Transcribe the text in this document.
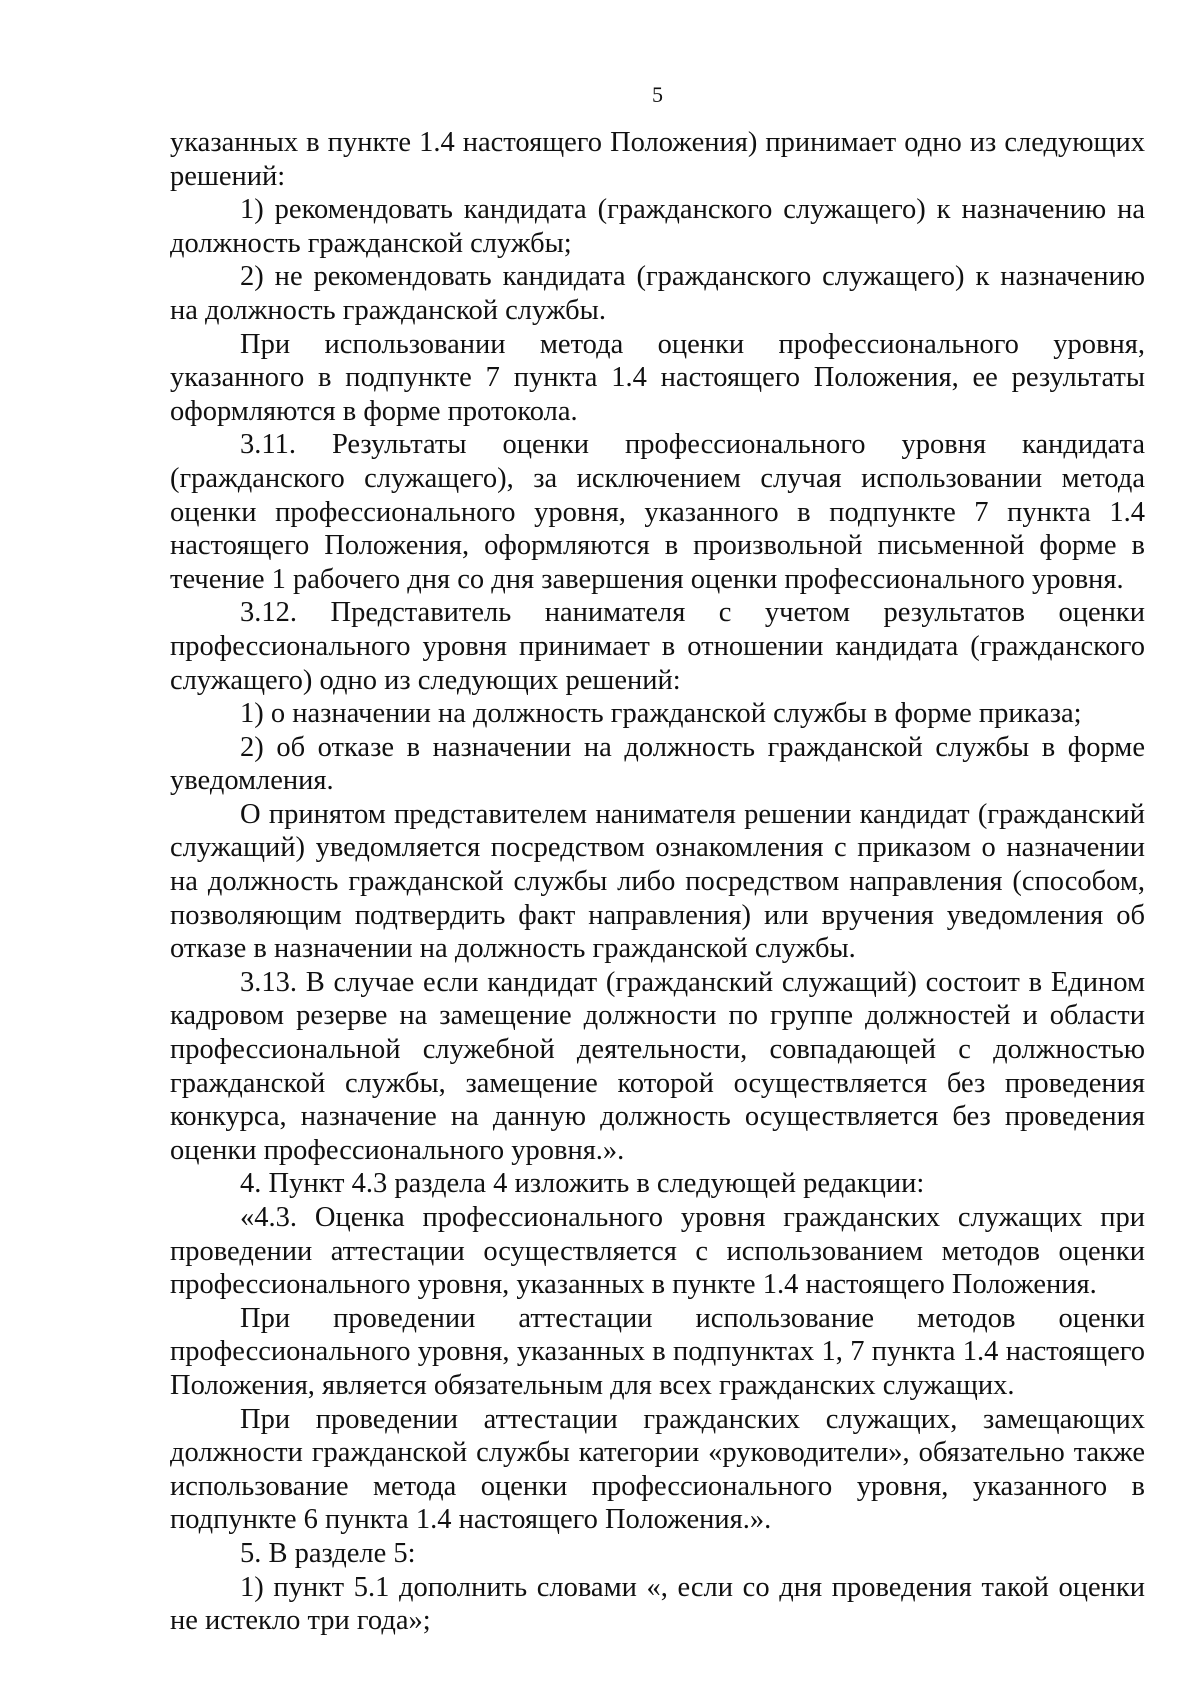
5

указанных в пункте 1.4 настоящего Положения) принимает одно из следующих решений:

1) рекомендовать кандидата (гражданского служащего) к назначению на должность гражданской службы;

2) не рекомендовать кандидата (гражданского служащего) к назначению на должность гражданской службы.

При использовании метода оценки профессионального уровня, указанного в подпункте 7 пункта 1.4 настоящего Положения, ее результаты оформляются в форме протокола.

3.11. Результаты оценки профессионального уровня кандидата (гражданского служащего), за исключением случая использовании метода оценки профессионального уровня, указанного в подпункте 7 пункта 1.4 настоящего Положения, оформляются в произвольной письменной форме в течение 1 рабочего дня со дня завершения оценки профессионального уровня.

3.12. Представитель нанимателя с учетом результатов оценки профессионального уровня принимает в отношении кандидата (гражданского служащего) одно из следующих решений:

1) о назначении на должность гражданской службы в форме приказа;

2) об отказе в назначении на должность гражданской службы в форме уведомления.

О принятом представителем нанимателя решении кандидат (гражданский служащий) уведомляется посредством ознакомления с приказом о назначении на должность гражданской службы либо посредством направления (способом, позволяющим подтвердить факт направления) или вручения уведомления об отказе в назначении на должность гражданской службы.

3.13. В случае если кандидат (гражданский служащий) состоит в Едином кадровом резерве на замещение должности по группе должностей и области профессиональной служебной деятельности, совпадающей с должностью гражданской службы, замещение которой осуществляется без проведения конкурса, назначение на данную должность осуществляется без проведения оценки профессионального уровня.».

4. Пункт 4.3 раздела 4 изложить в следующей редакции:

«4.3. Оценка профессионального уровня гражданских служащих при проведении аттестации осуществляется с использованием методов оценки профессионального уровня, указанных в пункте 1.4 настоящего Положения.

При проведении аттестации использование методов оценки профессионального уровня, указанных в подпунктах 1, 7 пункта 1.4 настоящего Положения, является обязательным для всех гражданских служащих.

При проведении аттестации гражданских служащих, замещающих должности гражданской службы категории «руководители», обязательно также использование метода оценки профессионального уровня, указанного в подпункте 6 пункта 1.4 настоящего Положения.».

5. В разделе 5:

1) пункт 5.1 дополнить словами «, если со дня проведения такой оценки не истекло три года»;
